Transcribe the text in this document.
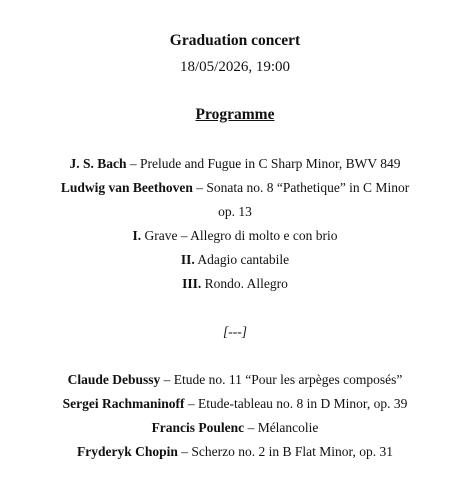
Graduation concert

18/05/2026, 19:00

Programme

J. S. Bach – Prelude and Fugue in C Sharp Minor, BWV 849

Ludwig van Beethoven – Sonata no. 8 “Pathetique” in C Minor

op. 13

I. Grave – Allegro di molto e con brio

II. Adagio cantabile

III. Rondo. Allegro

[---]

Claude Debussy – Etude no. 11 “Pour les arpèges composés”

Sergei Rachmaninoff – Etude-tableau no. 8 in D Minor, op. 39

Francis Poulenc – Mélancolie

Fryderyk Chopin – Scherzo no. 2 in B Flat Minor, op. 31
